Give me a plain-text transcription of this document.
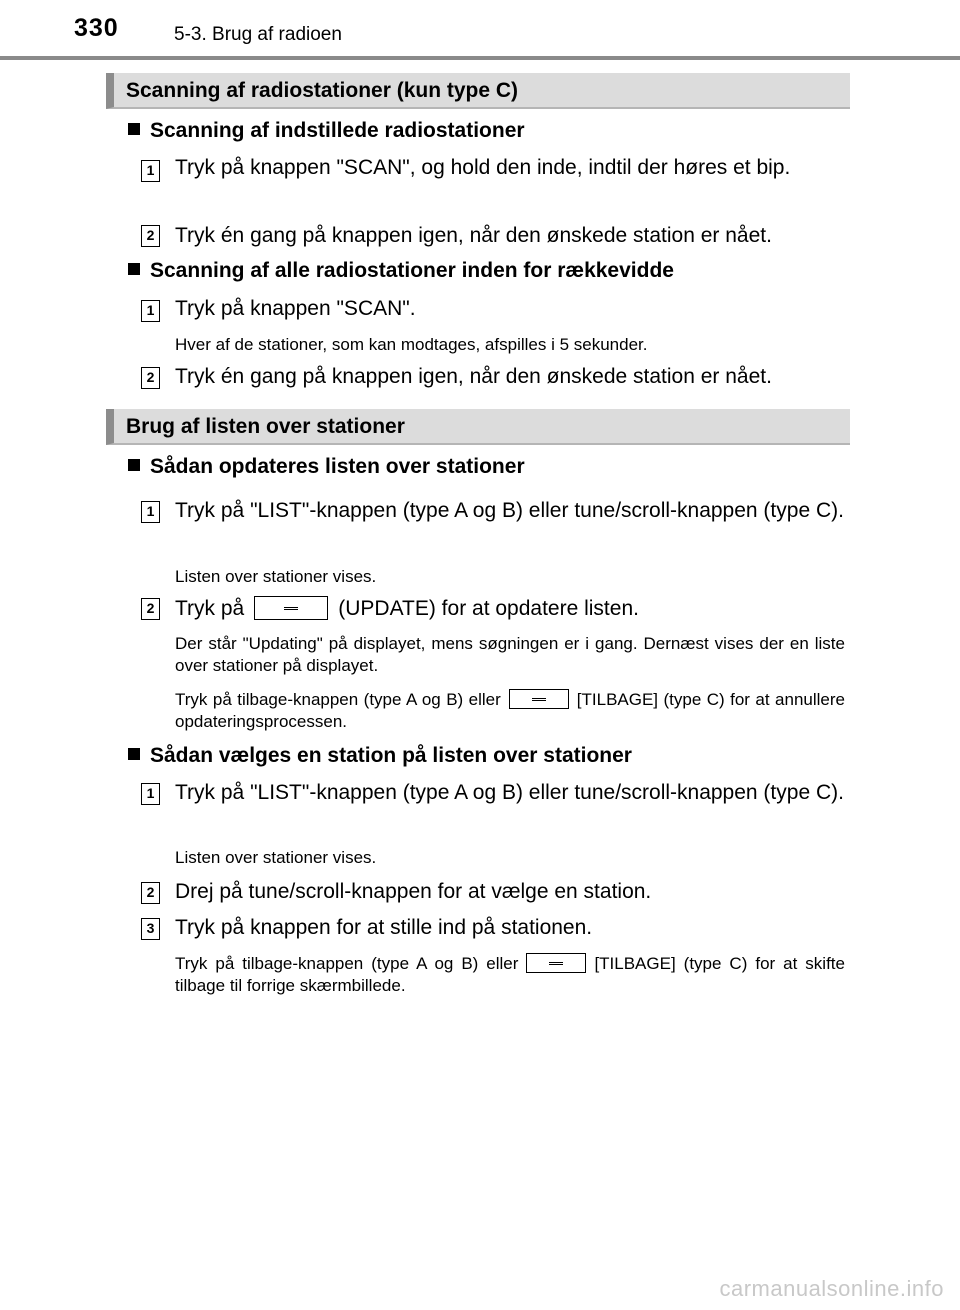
330	5-3. Brug af radioen
Scanning af radiostationer (kun type C)
Scanning af indstillede radiostationer
1 Tryk på knappen "SCAN", og hold den inde, indtil der høres et bip.
2 Tryk én gang på knappen igen, når den ønskede station er nået.
Scanning af alle radiostationer inden for rækkevidde
1 Tryk på knappen "SCAN".
Hver af de stationer, som kan modtages, afspilles i 5 sekunder.
2 Tryk én gang på knappen igen, når den ønskede station er nået.
Brug af listen over stationer
Sådan opdateres listen over stationer
1 Tryk på "LIST"-knappen (type A og B) eller tune/scroll-knappen (type C).
Listen over stationer vises.
2 Tryk på	(UPDATE) for at opdatere listen.
Der står "Updating" på displayet, mens søgningen er i gang. Dernæst vises der en liste over stationer på displayet.
Tryk på tilbage-knappen (type A og B) eller	[TILBAGE] (type C) for at annullere opdateringsprocessen.
Sådan vælges en station på listen over stationer
1 Tryk på "LIST"-knappen (type A og B) eller tune/scroll-knappen (type C).
Listen over stationer vises.
2 Drej på tune/scroll-knappen for at vælge en station.
3 Tryk på knappen for at stille ind på stationen.
Tryk på tilbage-knappen (type A og B) eller	[TILBAGE] (type C) for at skifte tilbage til forrige skærmbillede.
carmanualsonline.info
